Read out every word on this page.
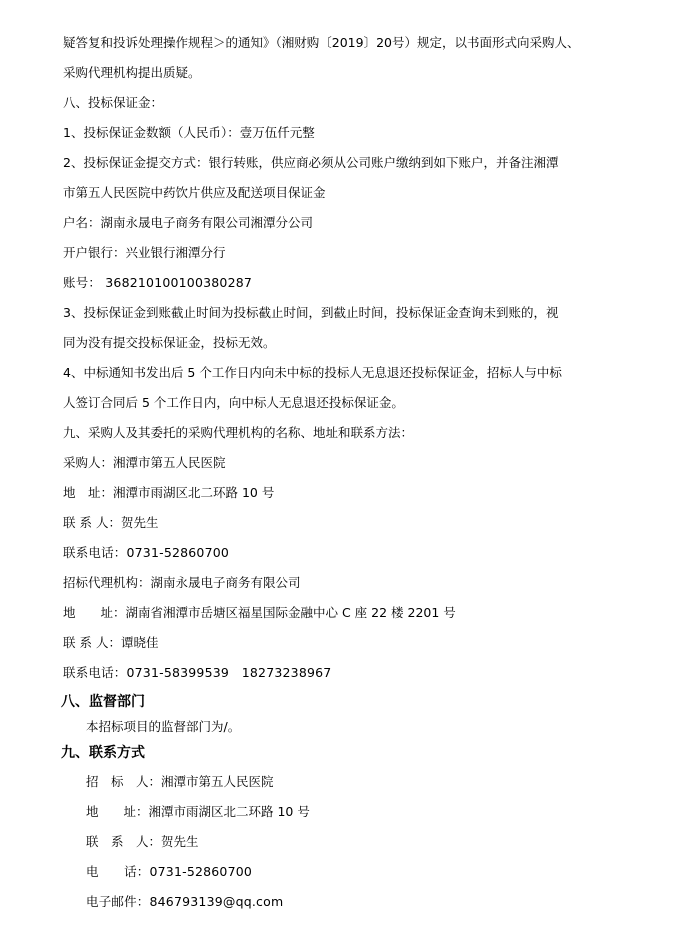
疑答复和投诉处理操作规程＞的通知》（湘财购〔2019〕20号）规定，以书面形式向采购人、
采购代理机构提出质疑。
八、投标保证金：
1、投标保证金数额（人民币）：壹万伍仟元整
2、投标保证金提交方式：银行转账，供应商必须从公司账户缴纳到如下账户，并备注湘潭
市第五人民医院中药饮片供应及配送项目保证金
户名：湖南永晟电子商务有限公司湘潭分公司
开户银行：兴业银行湘潭分行
账号： 368210100100380287
3、投标保证金到账截止时间为投标截止时间，到截止时间，投标保证金查询未到账的，视
同为没有提交投标保证金，投标无效。
4、中标通知书发出后 5 个工作日内向未中标的投标人无息退还投标保证金，招标人与中标
人签订合同后 5 个工作日内，向中标人无息退还投标保证金。
九、采购人及其委托的采购代理机构的名称、地址和联系方法：
采购人：湘潭市第五人民医院
地　址：湘潭市雨湖区北二环路 10 号
联 系 人：贺先生
联系电话：0731-52860700
招标代理机构：湖南永晟电子商务有限公司
地　　址：湖南省湘潭市岳塘区福星国际金融中心 C 座 22 楼 2201 号
联 系 人：谭晓佳
联系电话：0731-58399539　18273238967
八、监督部门
本招标项目的监督部门为/。
九、联系方式
招　标　人：湘潭市第五人民医院
地　　址：湘潭市雨湖区北二环路 10 号
联　系　人：贺先生
电　　话：0731-52860700
电子邮件：846793139@qq.com
